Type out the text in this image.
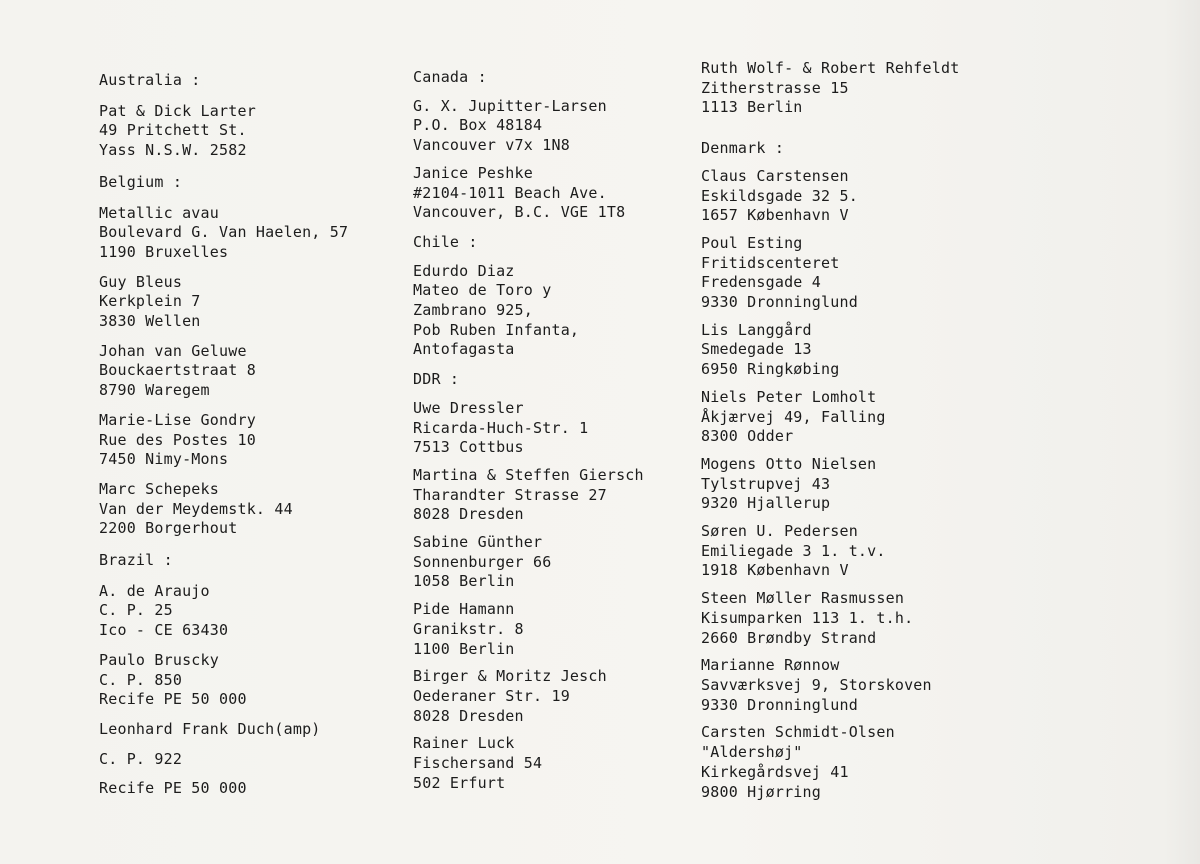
Australia :
Pat & Dick Larter
49 Pritchett St.
Yass N.S.W. 2582
Belgium :
Metallic avau
Boulevard G. Van Haelen, 57
1190 Bruxelles
Guy Bleus
Kerkplein 7
3830 Wellen
Johan van Geluwe
Bouckaertstraat 8
8790 Waregem
Marie-Lise Gondry
Rue des Postes 10
7450 Nimy-Mons
Marc Schepeks
Van der Meydemstk. 44
2200 Borgerhout
Brazil :
A. de Araujo
C. P. 25
Ico - CE 63430
Paulo Bruscky
C. P. 850
Recife PE 50 000
Leonhard Frank Duch(amp)
C. P. 922
Recife PE 50 000
Canada :
G. X. Jupitter-Larsen
P.O. Box 48184
Vancouver v7x 1N8
Janice Peshke
#2104-1011 Beach Ave.
Vancouver, B.C. VGE 1T8
Chile :
Edurdo Diaz
Mateo de Toro y
Zambrano 925,
Pob Ruben Infanta,
Antofagasta
DDR :
Uwe Dressler
Ricarda-Huch-Str. 1
7513 Cottbus
Martina & Steffen Giersch
Tharandter Strasse 27
8028 Dresden
Sabine Günther
Sonnenburger 66
1058 Berlin
Pide Hamann
Granikstr. 8
1100 Berlin
Birger & Moritz Jesch
Oederaner Str. 19
8028 Dresden
Rainer Luck
Fischersand 54
502 Erfurt
Ruth Wolf- & Robert Rehfeldt
Zitherstrasse 15
1113 Berlin
Denmark :
Claus Carstensen
Eskildsgade 32 5.
1657 København V
Poul Esting
Fritidscenteret
Fredensgade 4
9330 Dronninglund
Lis Langgård
Smedegade 13
6950 Ringkøbing
Niels Peter Lomholt
Åkjærvej 49, Falling
8300 Odder
Mogens Otto Nielsen
Tylstrupvej 43
9320 Hjallerup
Søren U. Pedersen
Emiliegade 3 1. t.v.
1918 København V
Steen Møller Rasmussen
Kisumparken 113 1. t.h.
2660 Brøndby Strand
Marianne Rønnow
Savværksvej 9, Storskoven
9330 Dronninglund
Carsten Schmidt-Olsen
"Aldershøj"
Kirkegårdsvej 41
9800 Hjørring
